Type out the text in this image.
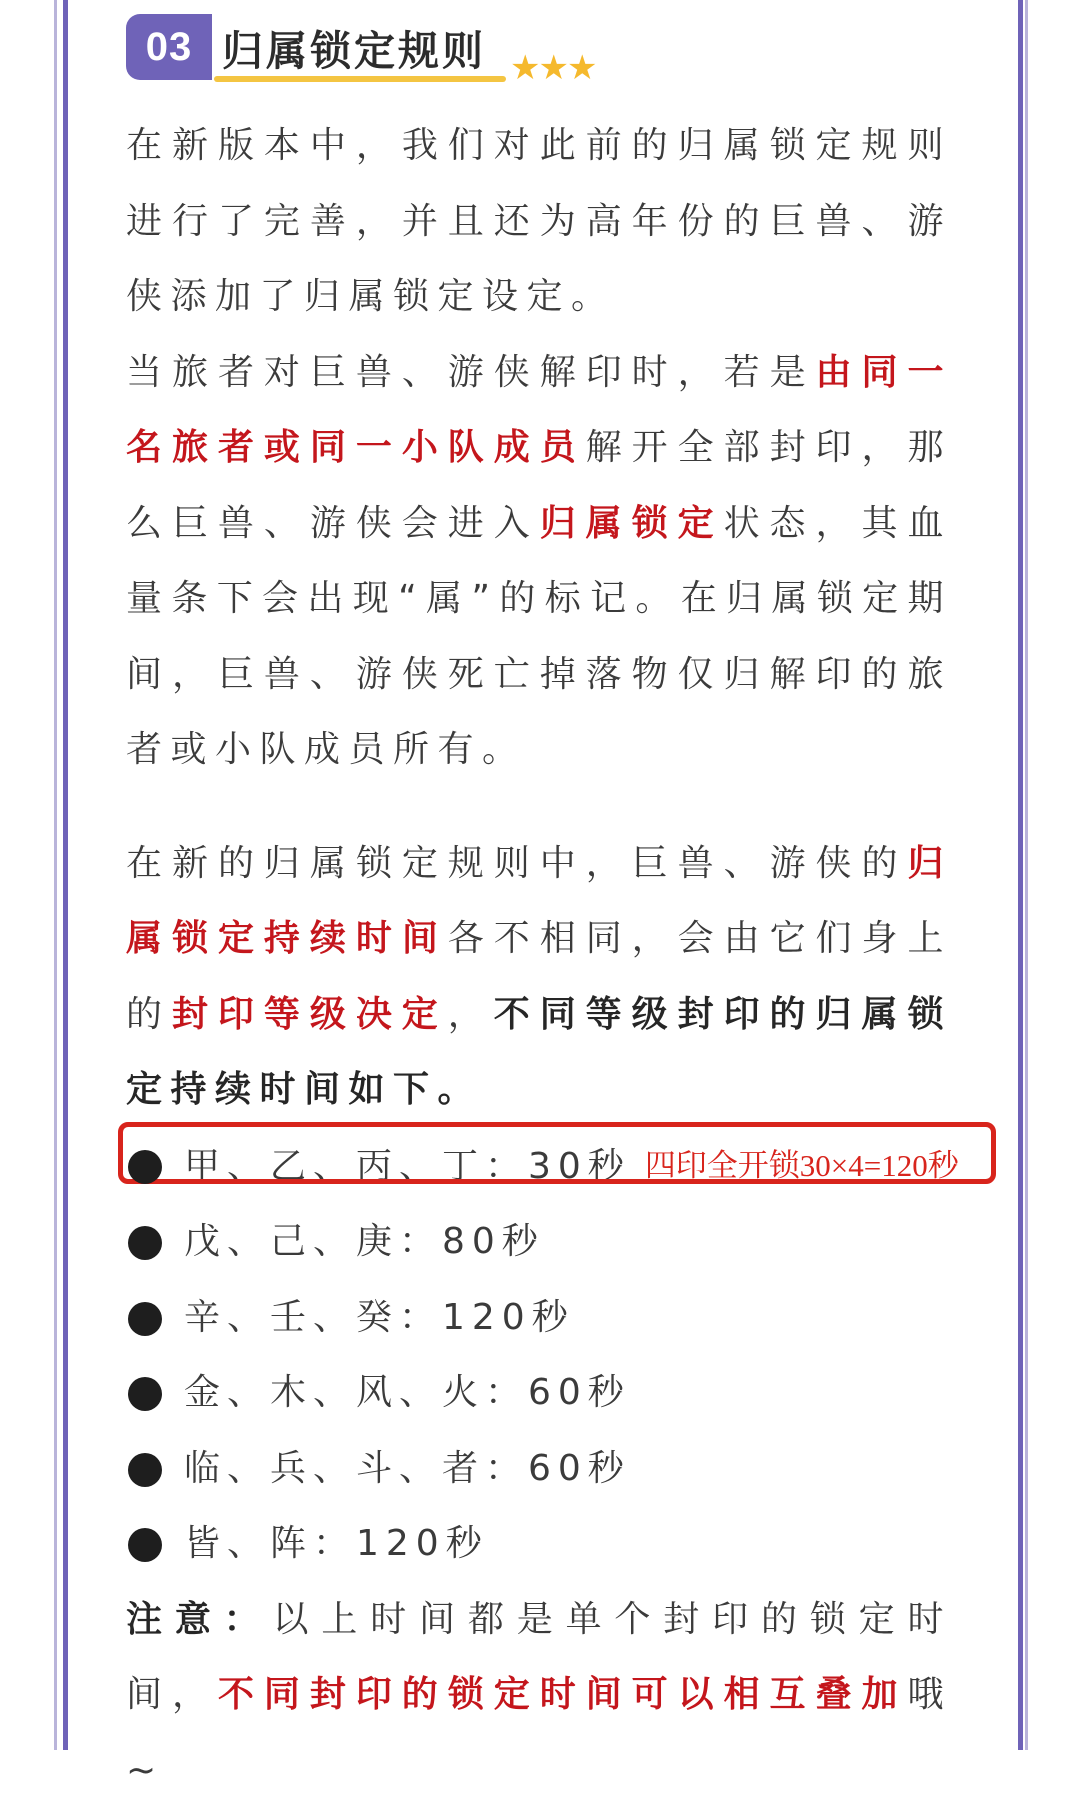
03 归属锁定规则 ★★★

在新版本中，我们对此前的归属锁定规则进行了完善，并且还为高年份的巨兽、游侠添加了归属锁定设定。

当旅者对巨兽、游侠解印时，若是由同一名旅者或同一小队成员解开全部封印，那么巨兽、游侠会进入归属锁定状态，其血量条下会出现“属”的标记。在归属锁定期间，巨兽、游侠死亡掉落物仅归解印的旅者或小队成员所有。

在新的归属锁定规则中，巨兽、游侠的归属锁定持续时间各不相同，会由它们身上的封印等级决定，不同等级封印的归属锁定持续时间如下。

甲、乙、丙、丁：30秒 四印全开锁30×4=120秒
戊、己、庚：80秒
辛、壬、癸：120秒
金、木、风、火：60秒
临、兵、斗、者：60秒
皆、阵：120秒

注意：以上时间都是单个封印的锁定时间，不同封印的锁定时间可以相互叠加哦~
